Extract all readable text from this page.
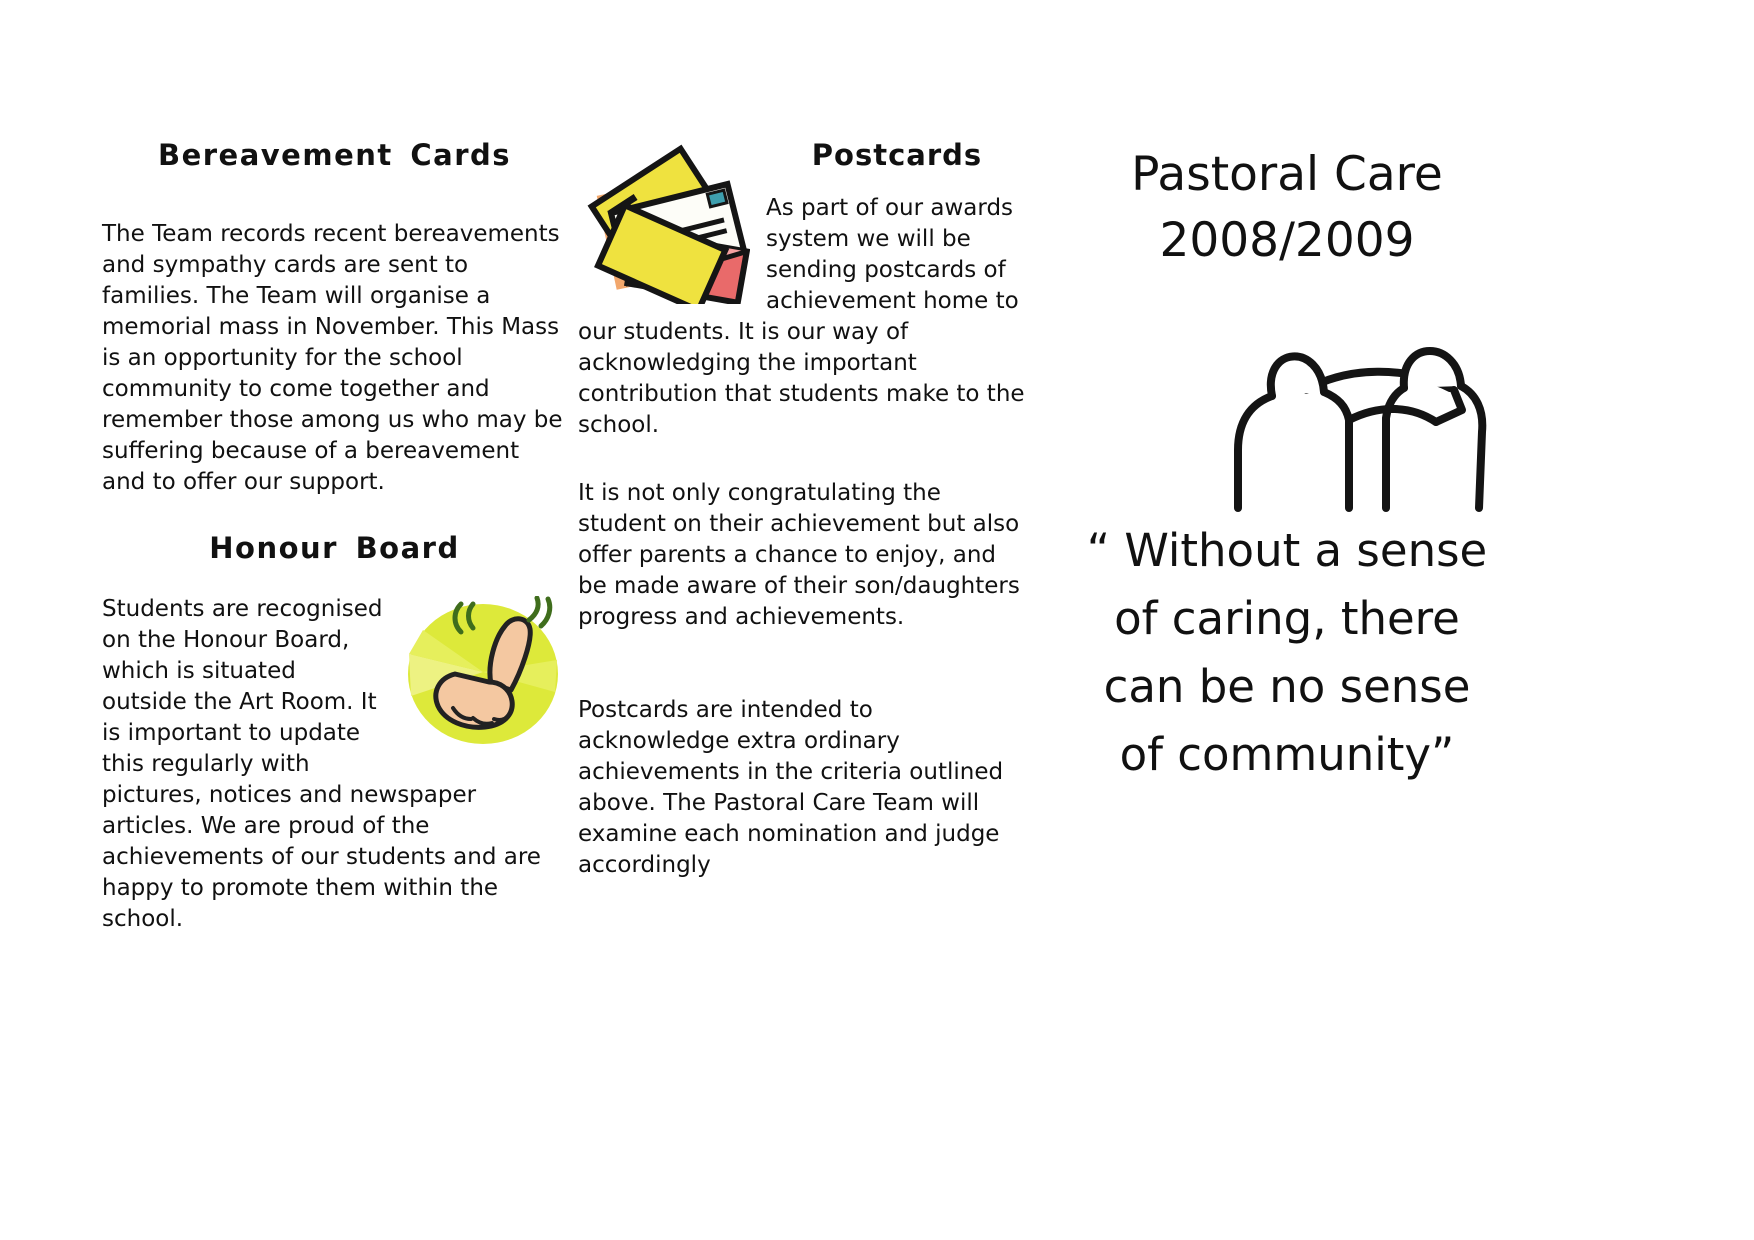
Bereavement Cards

The Team records recent bereavements and sympathy cards are sent to families. The Team will organise a memorial mass in November. This Mass is an opportunity for the school community to come together and remember those among us who may be suffering because of a bereavement and to offer our support.

Honour Board

Students are recognised on the Honour Board, which is situated outside the Art Room. It is important to update this regularly with pictures, notices and newspaper articles. We are proud of the achievements of our students and are happy to promote them within the school.

Postcards

As part of our awards system we will be sending postcards of achievement home to our students. It is our way of acknowledging the important contribution that students make to the school.

It is not only congratulating the student on their achievement but also offer parents a chance to enjoy, and be made aware of their son/daughters progress and achievements.

Postcards are intended to acknowledge extra ordinary achievements in the criteria outlined above. The Pastoral Care Team will examine each nomination and judge accordingly

Pastoral Care
2008/2009
“ Without a sense
of caring, there
can be no sense
of community”
